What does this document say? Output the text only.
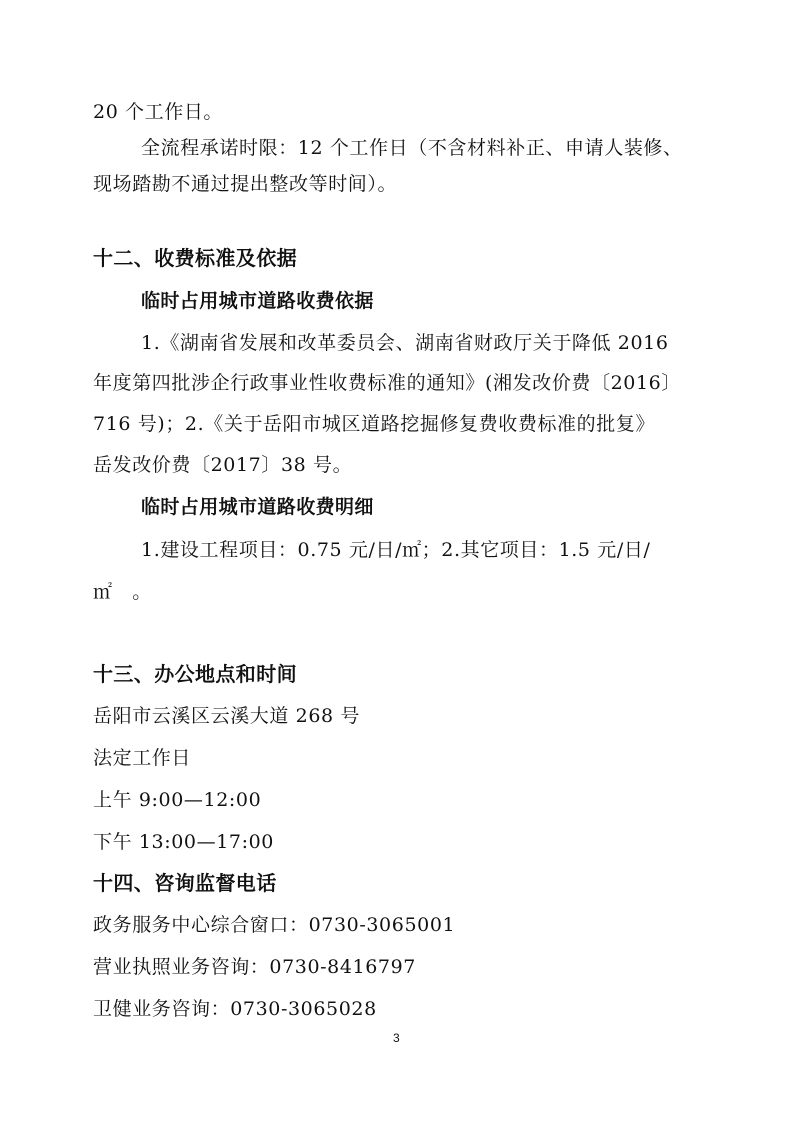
20 个工作日。
全流程承诺时限：12 个工作日（不含材料补正、申请人装修、
现场踏勘不通过提出整改等时间）。
十二、收费标准及依据
临时占用城市道路收费依据
1.《湖南省发展和改革委员会、湖南省财政厅关于降低 2016
年度第四批涉企行政事业性收费标准的通知》(湘发改价费〔2016〕
716 号)；2.《关于岳阳市城区道路挖掘修复费收费标准的批复》
岳发改价费〔2017〕38 号。
临时占用城市道路收费明细
1.建设工程项目：0.75 元/日/㎡；2.其它项目：1.5 元/日/
㎡　。
十三、办公地点和时间
岳阳市云溪区云溪大道 268 号
法定工作日
上午 9:00—12:00
下午 13:00—17:00
十四、咨询监督电话
政务服务中心综合窗口：0730-3065001
营业执照业务咨询：0730-8416797
卫健业务咨询：0730-3065028
3
